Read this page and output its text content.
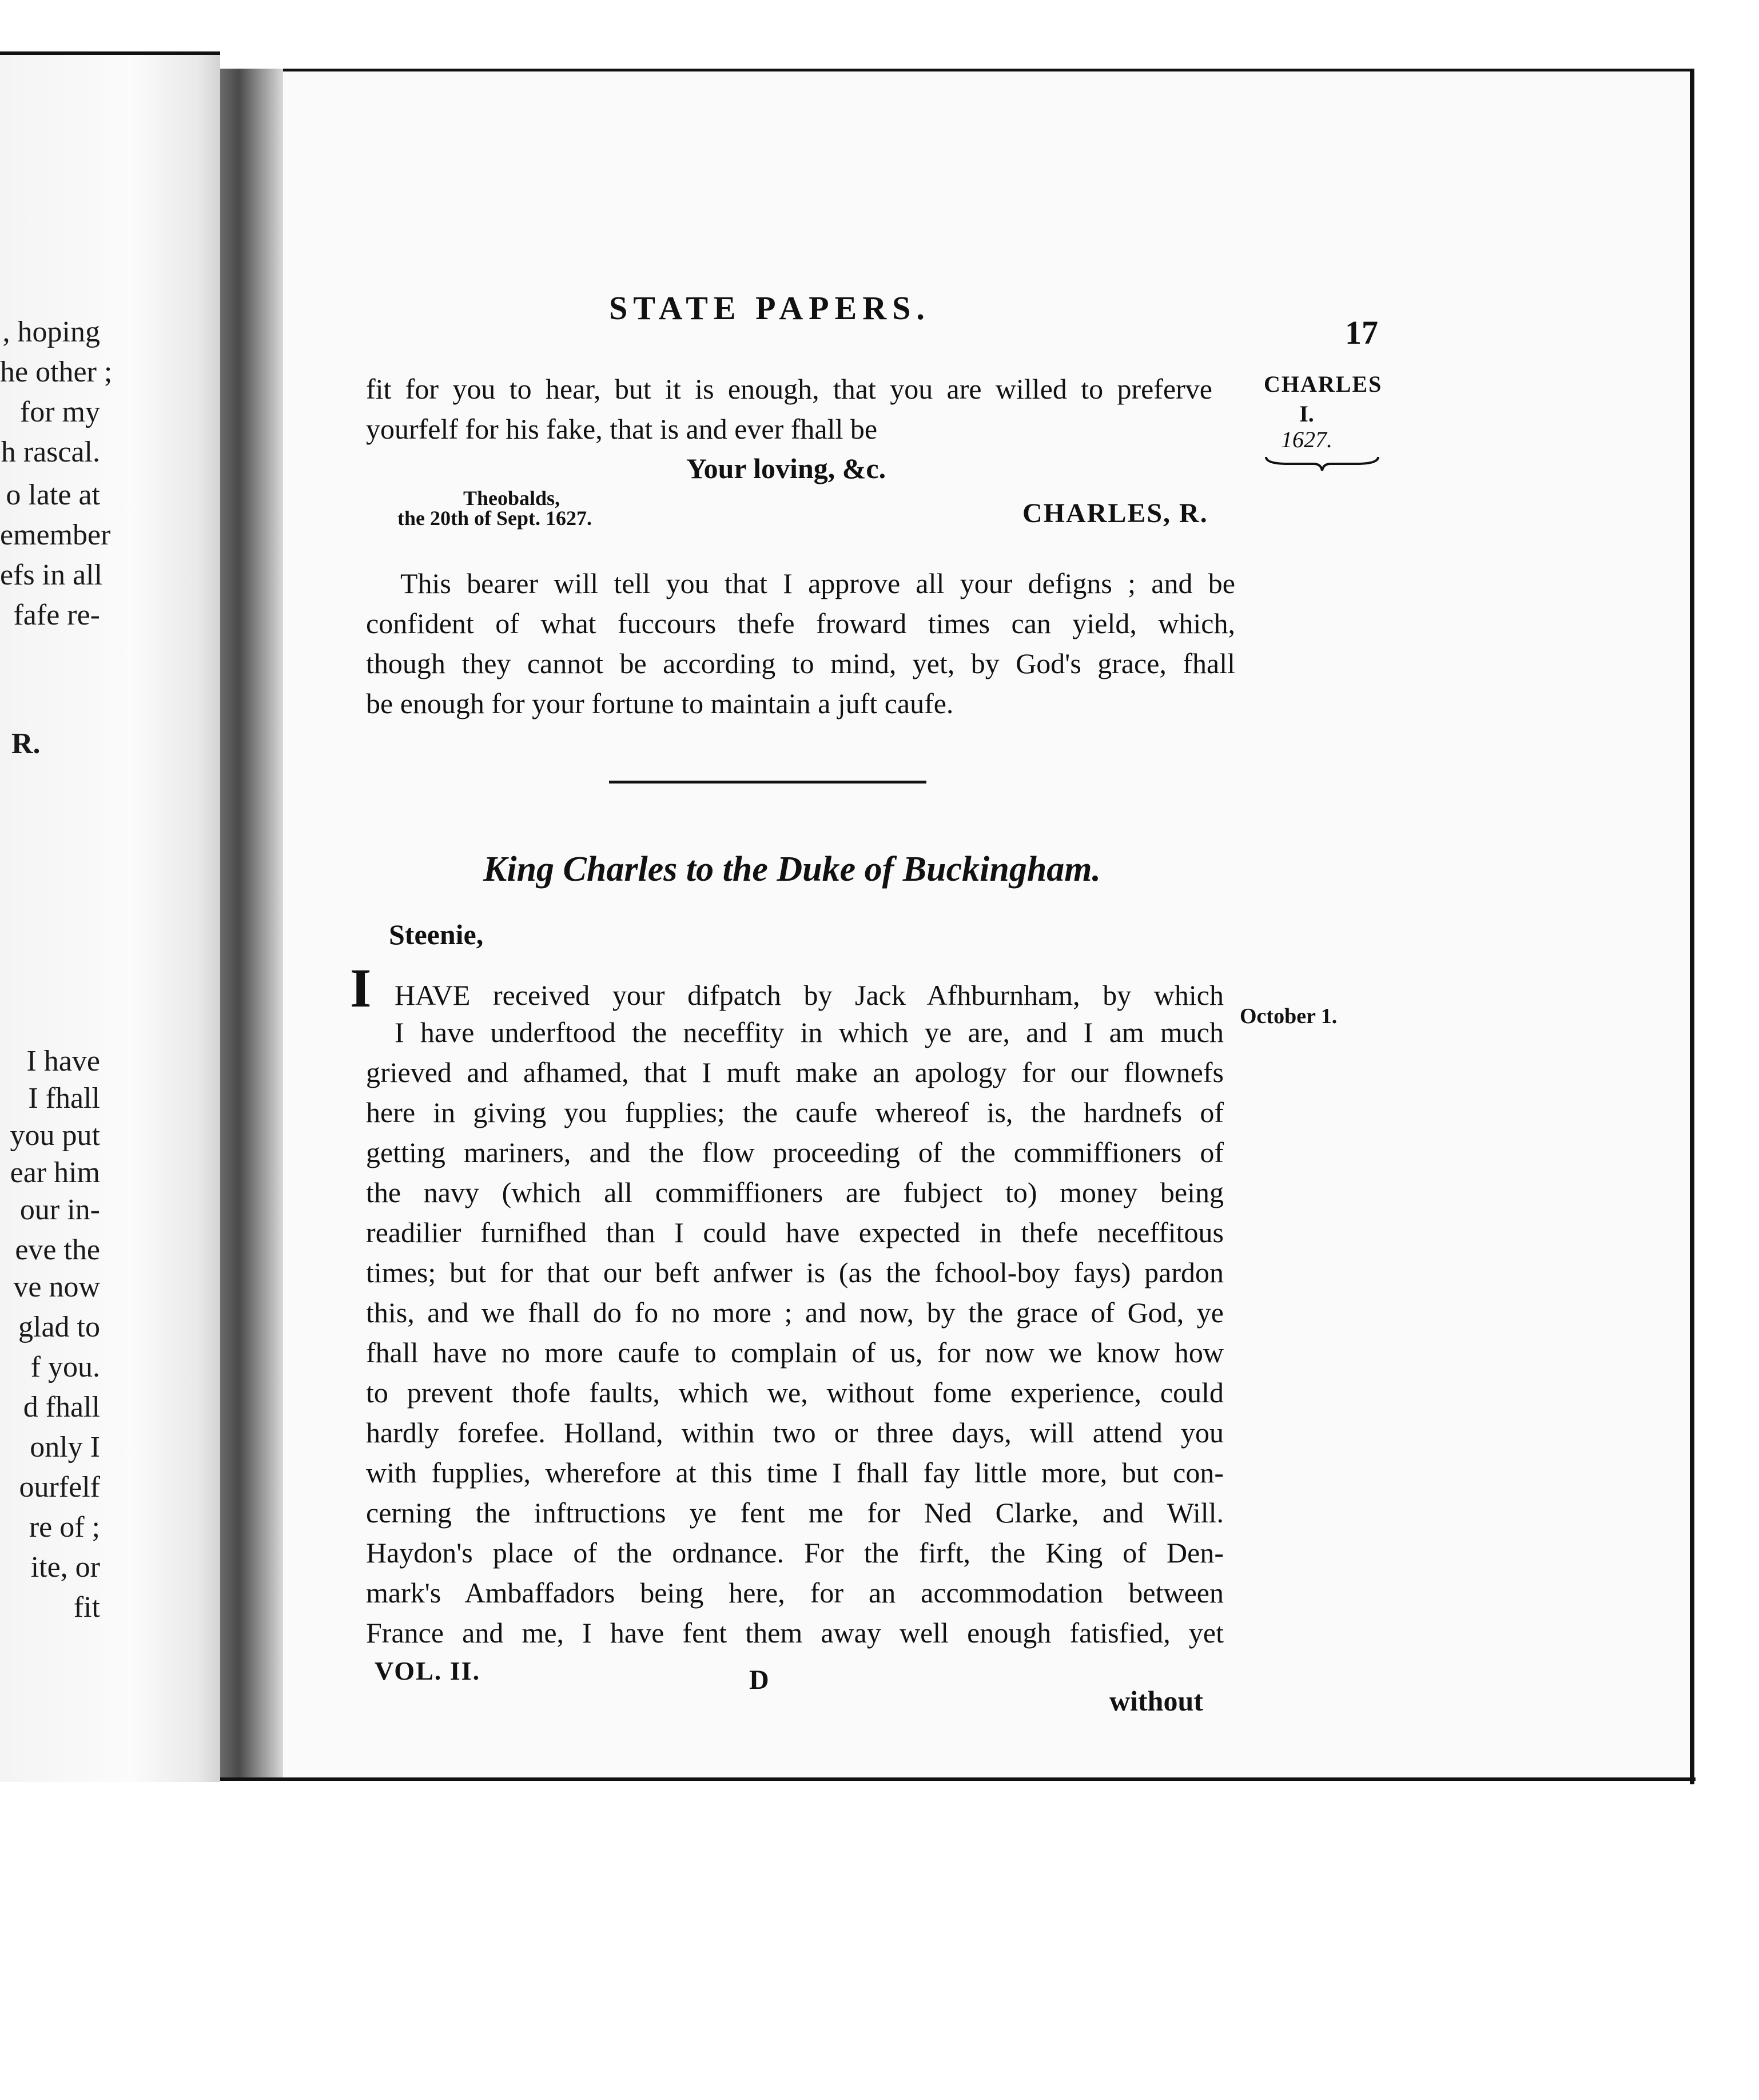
, hoping
he other ;
for my
h rascal.
o late at
emember
efs in all
fafe re-
R.
I have
I fhall
you put
ear him
our in-
eve the
ve now
glad to
f you.
d fhall
only I
ourfelf
re of ;
ite, or
fit
STATE PAPERS.
17
CHARLES
I.
1627.
fit for you to hear, but it is enough, that you are willed to preferve
yourfelf for his fake, that is and ever fhall be
Your loving, &c.
Theobalds,
the 20th of Sept. 1627.	CHARLES, R.
This bearer will tell you that I approve all your defigns ; and be
confident of what fuccours thefe froward times can yield, which,
though they cannot be according to mind, yet, by God's grace, fhall
be enough for your fortune to maintain a juft caufe.
King Charles to the Duke of Buckingham.
Steenie,
I HAVE received your difpatch by Jack Afhburnham, by which
October 1.
I have underftood the neceffity in which ye are, and I am much
grieved and afhamed, that I muft make an apology for our flownefs
here in giving you fupplies; the caufe whereof is, the hardnefs of
getting mariners, and the flow proceeding of the commiffioners of
the navy (which all commiffioners are fubject to) money being
readilier furnifhed than I could have expected in thefe neceffitous
times; but for that our beft anfwer is (as the fchool-boy fays) pardon
this, and we fhall do fo no more ; and now, by the grace of God, ye
fhall have no more caufe to complain of us, for now we know how
to prevent thofe faults, which we, without fome experience, could
hardly forefee. Holland, within two or three days, will attend you
with fupplies, wherefore at this time I fhall fay little more, but con-
cerning the inftructions ye fent me for Ned Clarke, and Will.
Haydon's place of the ordnance. For the firft, the King of Den-
mark's Ambaffadors being here, for an accommodation between
France and me, I have fent them away well enough fatisfied, yet
VOL. II.	D
without
